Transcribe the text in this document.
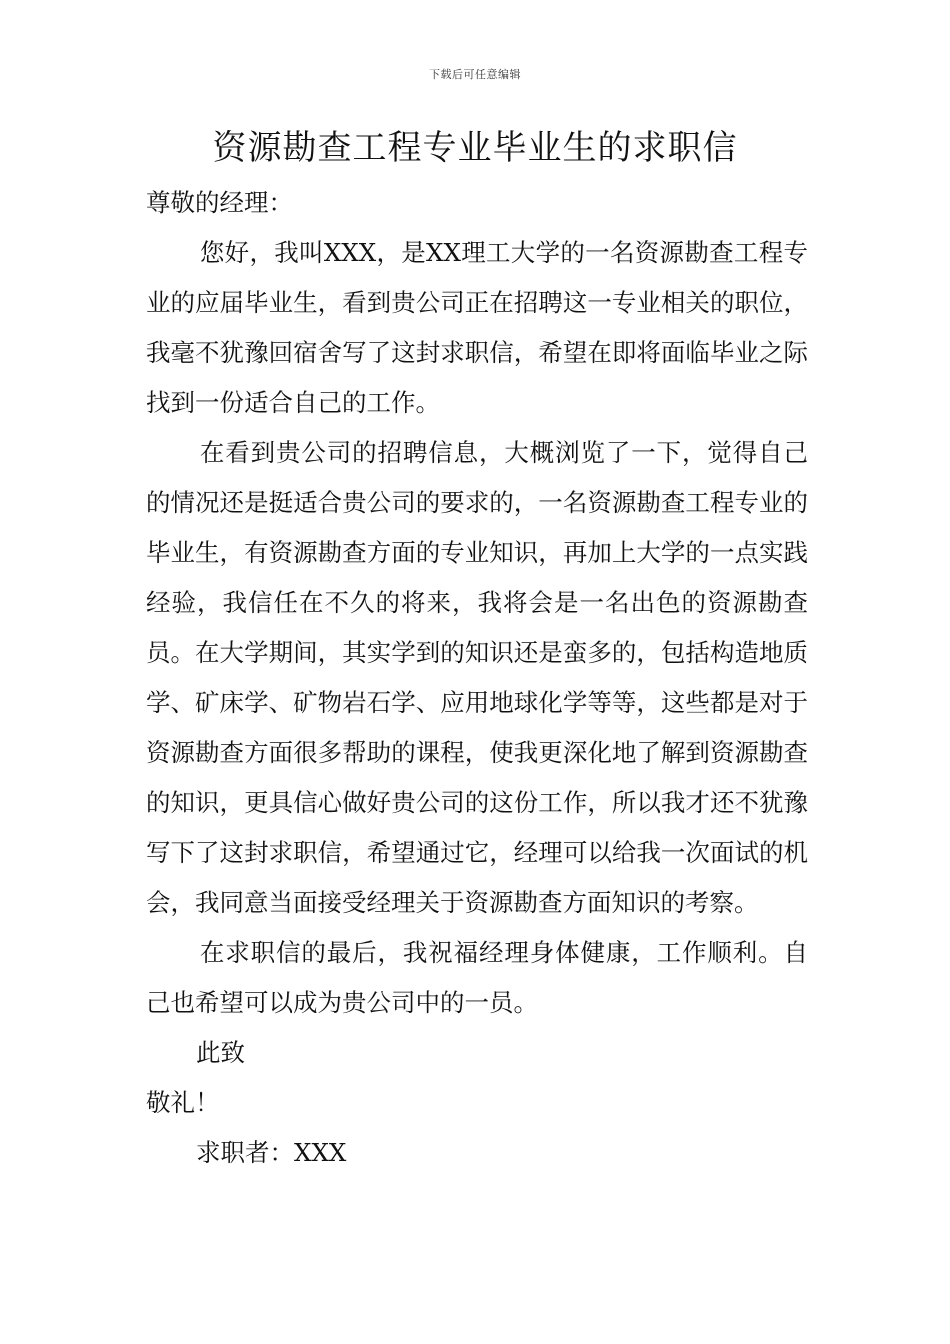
下载后可任意编辑
资源勘查工程专业毕业生的求职信

尊敬的经理：

您好，我叫XXX，是XX理工大学的一名资源勘查工程专业的应届毕业生，看到贵公司正在招聘这一专业相关的职位，我毫不犹豫回宿舍写了这封求职信，希望在即将面临毕业之际找到一份适合自己的工作。

在看到贵公司的招聘信息，大概浏览了一下，觉得自己的情况还是挺适合贵公司的要求的，一名资源勘查工程专业的毕业生，有资源勘查方面的专业知识，再加上大学的一点实践经验，我信任在不久的将来，我将会是一名出色的资源勘查员。在大学期间，其实学到的知识还是蛮多的，包括构造地质学、矿床学、矿物岩石学、应用地球化学等等，这些都是对于资源勘查方面很多帮助的课程，使我更深化地了解到资源勘查的知识，更具信心做好贵公司的这份工作，所以我才还不犹豫写下了这封求职信，希望通过它，经理可以给我一次面试的机会，我同意当面接受经理关于资源勘查方面知识的考察。

在求职信的最后，我祝福经理身体健康，工作顺利。自己也希望可以成为贵公司中的一员。

此致

敬礼！

求职者：XXX
